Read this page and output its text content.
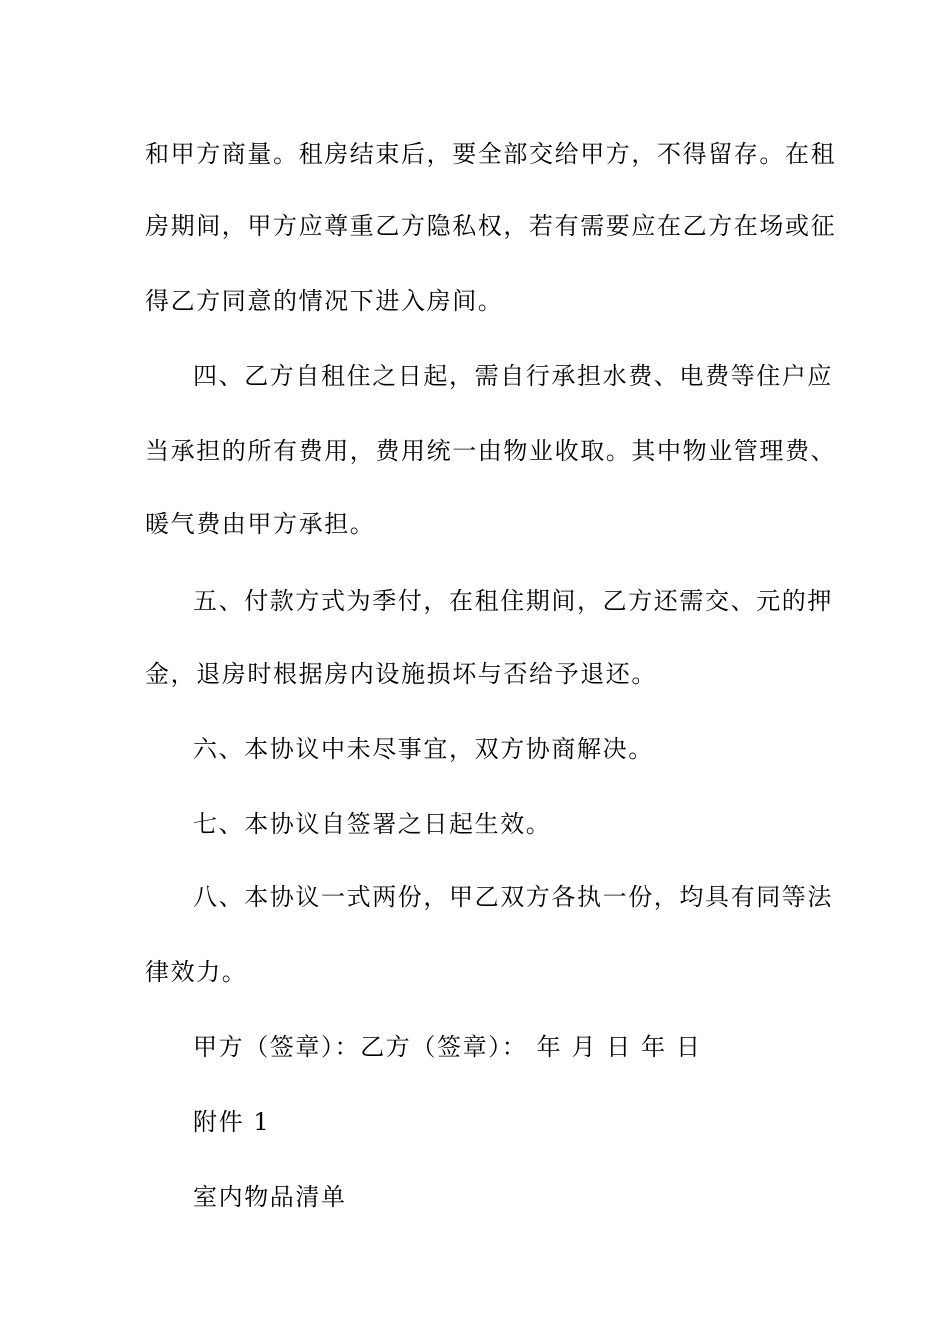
和甲方商量。租房结束后，要全部交给甲方，不得留存。在租
房期间，甲方应尊重乙方隐私权，若有需要应在乙方在场或征
得乙方同意的情况下进入房间。
四、乙方自租住之日起，需自行承担水费、电费等住户应
当承担的所有费用，费用统一由物业收取。其中物业管理费、
暖气费由甲方承担。
五、付款方式为季付，在租住期间，乙方还需交、元的押
金，退房时根据房内设施损坏与否给予退还。
六、本协议中未尽事宜，双方协商解决。
七、本协议自签署之日起生效。
八、本协议一式两份，甲乙双方各执一份，均具有同等法
律效力。
甲方（签章）：乙方（签章）： 年 月 日 年 日
附件 1
室内物品清单
